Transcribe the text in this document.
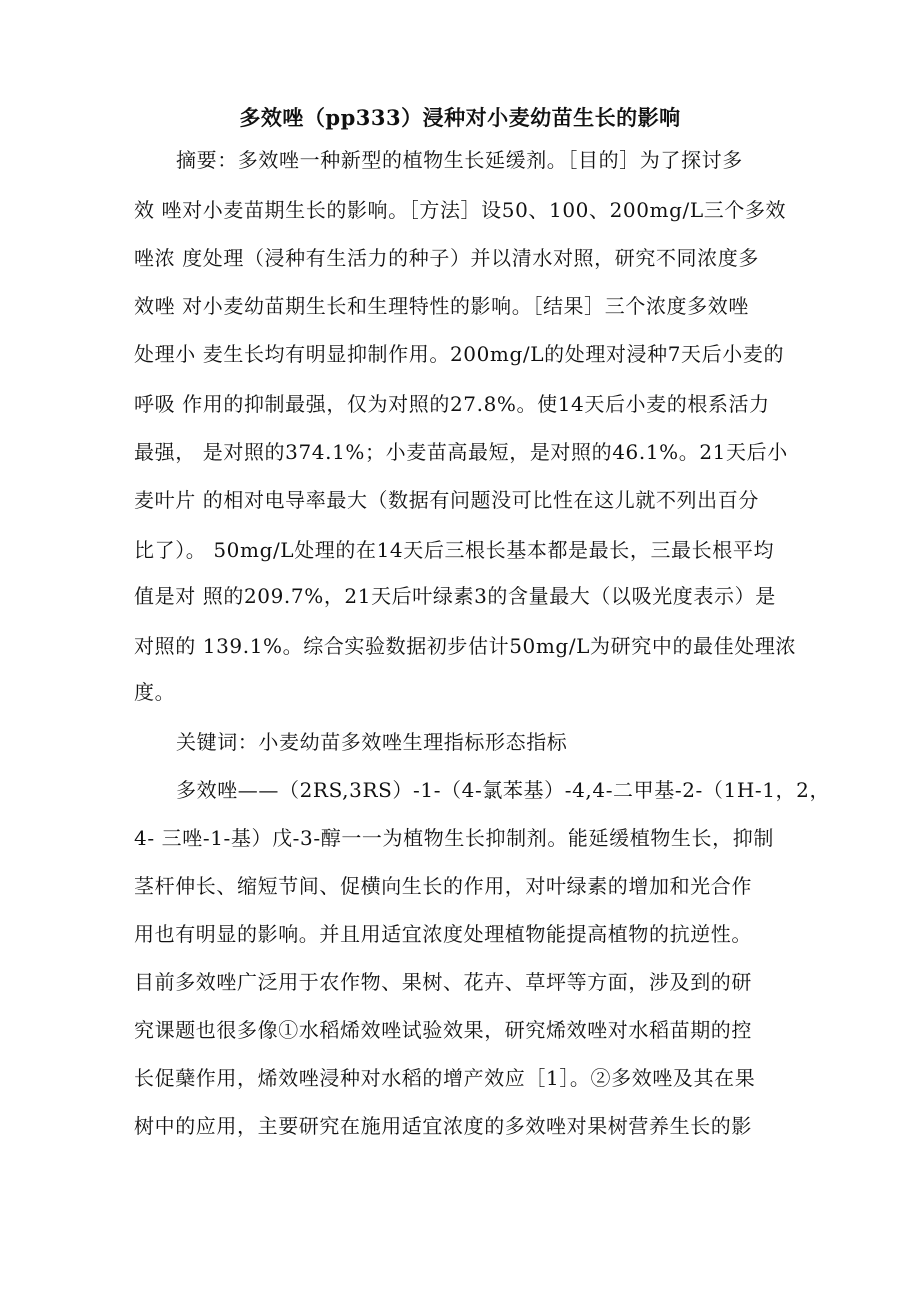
多效唑（pp333）浸种对小麦幼苗生长的影响
摘要：多效唑一种新型的植物生长延缓剂。［目的］为了探讨多
效 唑对小麦苗期生长的影响。［方法］设50、100、200mg/L三个多效
唑浓 度处理（浸种有生活力的种子）并以清水对照，研究不同浓度多
效唑 对小麦幼苗期生长和生理特性的影响。［结果］三个浓度多效唑
处理小 麦生长均有明显抑制作用。200mg/L的处理对浸种7天后小麦的
呼吸 作用的抑制最强，仅为对照的27.8%。使14天后小麦的根系活力
最强， 是对照的374.1%；小麦苗高最短，是对照的46.1%。21天后小
麦叶片 的相对电导率最大（数据有问题没可比性在这儿就不列出百分
比了）。 50mg/L处理的在14天后三根长基本都是最长，三最长根平均
值是对 照的209.7%，21天后叶绿素3的含量最大（以吸光度表示）是
对照的 139.1%。综合实验数据初步估计50mg/L为研究中的最佳处理浓
度。
关键词：小麦幼苗多效唑生理指标形态指标
多效唑——（2RS,3RS）-1-（4-氯苯基）-4,4-二甲基-2-（1H-1，2，
4- 三唑-1-基）戊-3-醇一一为植物生长抑制剂。能延缓植物生长，抑制
茎杆伸长、缩短节间、促横向生长的作用，对叶绿素的增加和光合作
用也有明显的影响。并且用适宜浓度处理植物能提高植物的抗逆性。
目前多效唑广泛用于农作物、果树、花卉、草坪等方面，涉及到的研
究课题也很多像①水稻烯效唑试验效果，研究烯效唑对水稻苗期的控
长促蘖作用，烯效唑浸种对水稻的增产效应［1］。②多效唑及其在果
树中的应用，主要研究在施用适宜浓度的多效唑对果树营养生长的影
